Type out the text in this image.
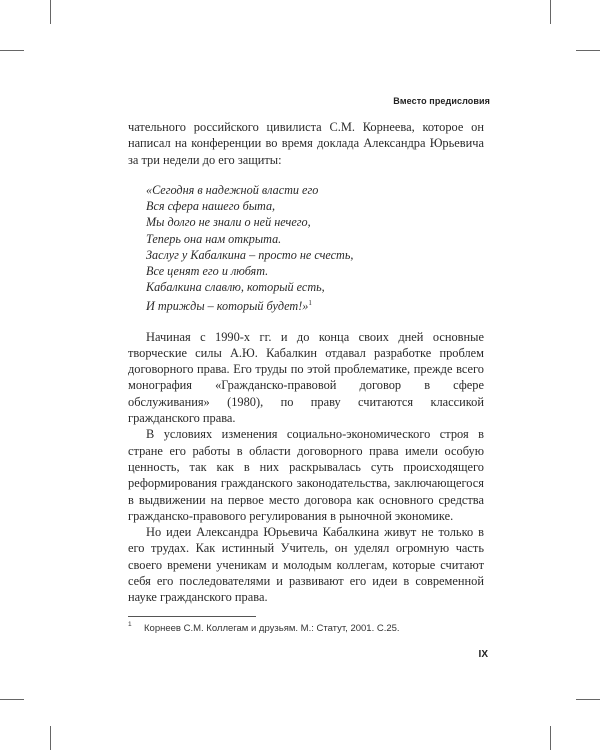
Вместо предисловия

чательного российского цивилиста С.М. Корнеева, которое он написал на конференции во время доклада Александра Юрьевича за три недели до его защиты:

«Сегодня в надежной власти его
Вся сфера нашего быта,
Мы долго не знали о ней нечего,
Теперь она нам открыта.
Заслуг у Кабалкина – просто не счесть,
Все ценят его и любят.
Кабалкина славлю, который есть,
И трижды – который будет!»$^1$

Начиная с 1990-х гг. и до конца своих дней основные творческие силы А.Ю. Кабалкин отдавал разработке проблем договорного права. Его труды по этой проблематике, прежде всего монография «Гражданско-правовой договор в сфере обслуживания» (1980), по праву считаются классикой гражданского права.

В условиях изменения социально-экономического строя в стране его работы в области договорного права имели особую ценность, так как в них раскрывалась суть происходящего реформирования гражданского законодательства, заключающегося в выдвижении на первое место договора как основного средства гражданско-правового регулирования в рыночной экономике.

Но идеи Александра Юрьевича Кабалкина живут не только в его трудах. Как истинный Учитель, он уделял огромную часть своего времени ученикам и молодым коллегам, которые считают себя его последователями и развивают его идеи в современной науке гражданского права.

1 Корнеев С.М. Коллегам и друзьям. М.: Статут, 2001. С.25.
IX
